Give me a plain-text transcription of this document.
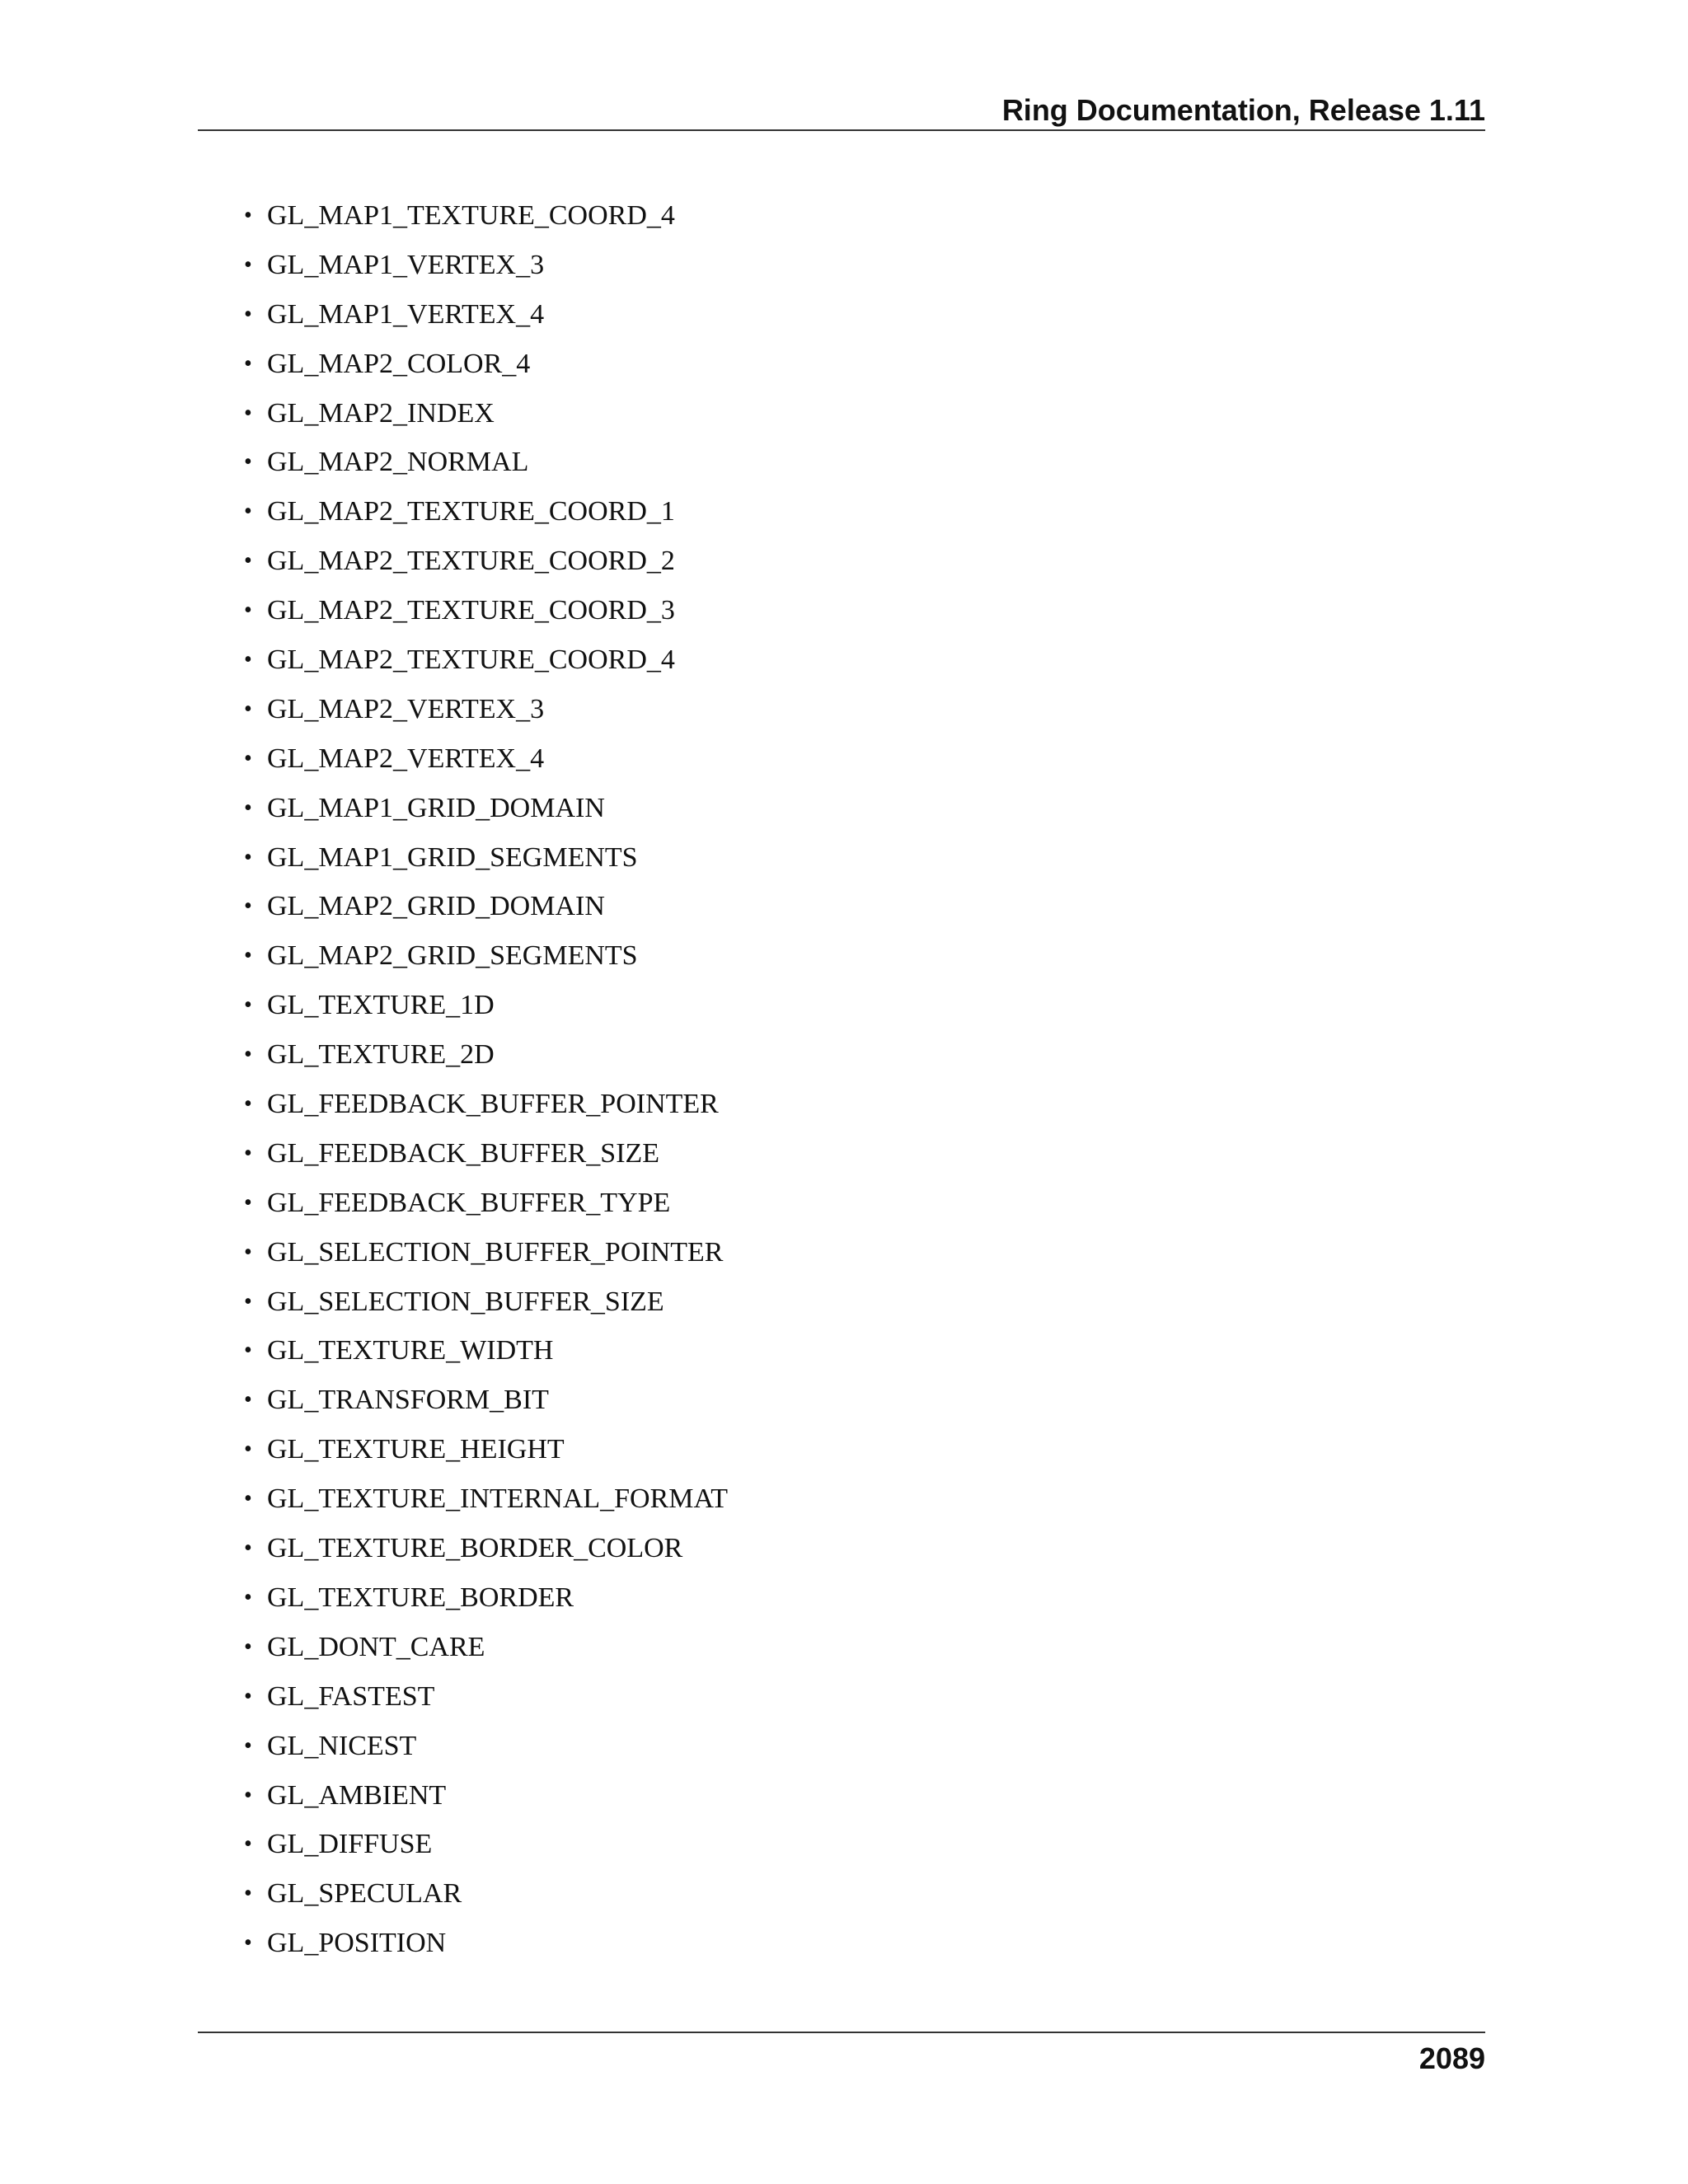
Ring Documentation, Release 1.11
• GL_MAP1_TEXTURE_COORD_4
• GL_MAP1_VERTEX_3
• GL_MAP1_VERTEX_4
• GL_MAP2_COLOR_4
• GL_MAP2_INDEX
• GL_MAP2_NORMAL
• GL_MAP2_TEXTURE_COORD_1
• GL_MAP2_TEXTURE_COORD_2
• GL_MAP2_TEXTURE_COORD_3
• GL_MAP2_TEXTURE_COORD_4
• GL_MAP2_VERTEX_3
• GL_MAP2_VERTEX_4
• GL_MAP1_GRID_DOMAIN
• GL_MAP1_GRID_SEGMENTS
• GL_MAP2_GRID_DOMAIN
• GL_MAP2_GRID_SEGMENTS
• GL_TEXTURE_1D
• GL_TEXTURE_2D
• GL_FEEDBACK_BUFFER_POINTER
• GL_FEEDBACK_BUFFER_SIZE
• GL_FEEDBACK_BUFFER_TYPE
• GL_SELECTION_BUFFER_POINTER
• GL_SELECTION_BUFFER_SIZE
• GL_TEXTURE_WIDTH
• GL_TRANSFORM_BIT
• GL_TEXTURE_HEIGHT
• GL_TEXTURE_INTERNAL_FORMAT
• GL_TEXTURE_BORDER_COLOR
• GL_TEXTURE_BORDER
• GL_DONT_CARE
• GL_FASTEST
• GL_NICEST
• GL_AMBIENT
• GL_DIFFUSE
• GL_SPECULAR
• GL_POSITION
2089
